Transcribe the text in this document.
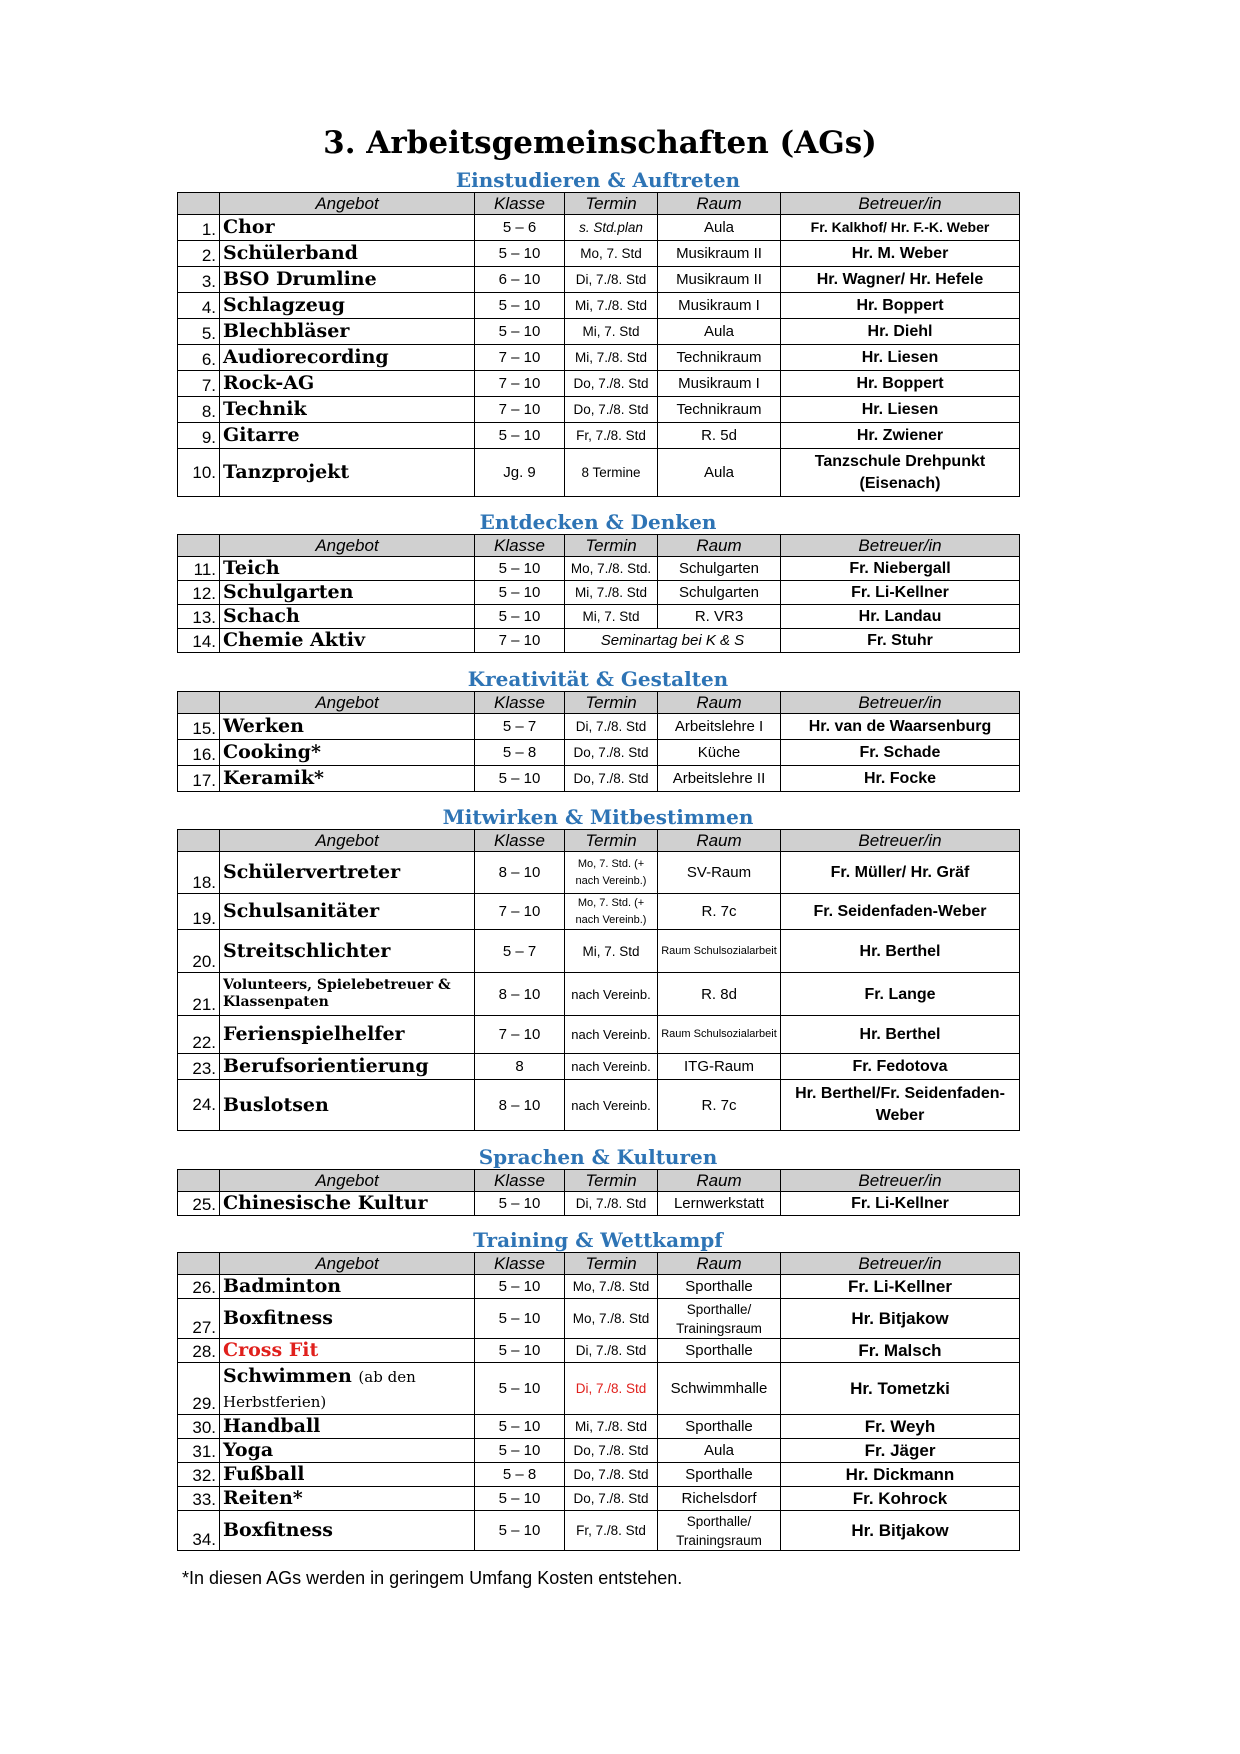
3. Arbeitsgemeinschaften (AGs)
Einstudieren & Auftreten
	Angebot	Klasse	Termin	Raum	Betreuer/in
1.	Chor	5 – 6	s. Std.plan	Aula	Fr. Kalkhof/ Hr. F.-K. Weber
2.	Schülerband	5 – 10	Mo, 7. Std	Musikraum II	Hr. M. Weber
3.	BSO Drumline	6 – 10	Di, 7./8. Std	Musikraum II	Hr. Wagner/ Hr. Hefele
4.	Schlagzeug	5 – 10	Mi, 7./8. Std	Musikraum I	Hr. Boppert
5.	Blechbläser	5 – 10	Mi, 7. Std	Aula	Hr. Diehl
6.	Audiorecording	7 – 10	Mi, 7./8. Std	Technikraum	Hr. Liesen
7.	Rock-AG	7 – 10	Do, 7./8. Std	Musikraum I	Hr. Boppert
8.	Technik	7 – 10	Do, 7./8. Std	Technikraum	Hr. Liesen
9.	Gitarre	5 – 10	Fr, 7./8. Std	R. 5d	Hr. Zwiener
10.	Tanzprojekt	Jg. 9	8 Termine	Aula	Tanzschule Drehpunkt (Eisenach)
Entdecken & Denken
	Angebot	Klasse	Termin	Raum	Betreuer/in
11.	Teich	5 – 10	Mo, 7./8. Std.	Schulgarten	Fr. Niebergall
12.	Schulgarten	5 – 10	Mi, 7./8. Std	Schulgarten	Fr. Li-Kellner
13.	Schach	5 – 10	Mi, 7. Std	R. VR3	Hr. Landau
14.	Chemie Aktiv	7 – 10	Seminartag bei K & S		Fr. Stuhr
Kreativität & Gestalten
	Angebot	Klasse	Termin	Raum	Betreuer/in
15.	Werken	5 – 7	Di, 7./8. Std	Arbeitslehre I	Hr. van de Waarsenburg
16.	Cooking*	5 – 8	Do, 7./8. Std	Küche	Fr. Schade
17.	Keramik*	5 – 10	Do, 7./8. Std	Arbeitslehre II	Hr. Focke
Mitwirken & Mitbestimmen
	Angebot	Klasse	Termin	Raum	Betreuer/in
18.	Schülervertreter	8 – 10	Mo, 7. Std. (+ nach Vereinb.)	SV-Raum	Fr. Müller/ Hr. Gräf
19.	Schulsanitäter	7 – 10	Mo, 7. Std. (+ nach Vereinb.)	R. 7c	Fr. Seidenfaden-Weber
20.	Streitschlichter	5 – 7	Mi, 7. Std	Raum Schulsozialarbeit	Hr. Berthel
21.	Volunteers, Spielebetreuer & Klassenpaten	8 – 10	nach Vereinb.	R. 8d	Fr. Lange
22.	Ferienspielhelfer	7 – 10	nach Vereinb.	Raum Schulsozialarbeit	Hr. Berthel
23.	Berufsorientierung	8	nach Vereinb.	ITG-Raum	Fr. Fedotova
24.	Buslotsen	8 – 10	nach Vereinb.	R. 7c	Hr. Berthel/Fr. Seidenfaden-Weber
Sprachen & Kulturen
	Angebot	Klasse	Termin	Raum	Betreuer/in
25.	Chinesische Kultur	5 – 10	Di, 7./8. Std	Lernwerkstatt	Fr. Li-Kellner
Training & Wettkampf
	Angebot	Klasse	Termin	Raum	Betreuer/in
26.	Badminton	5 – 10	Mo, 7./8. Std	Sporthalle	Fr. Li-Kellner
27.	Boxfitness	5 – 10	Mo, 7./8. Std	Sporthalle/ Trainingsraum	Hr. Bitjakow
28.	Cross Fit	5 – 10	Di, 7./8. Std	Sporthalle	Fr. Malsch
29.	Schwimmen (ab den Herbstferien)	5 – 10	Di, 7./8. Std	Schwimmhalle	Hr. Tometzki
30.	Handball	5 – 10	Mi, 7./8. Std	Sporthalle	Fr. Weyh
31.	Yoga	5 – 10	Do, 7./8. Std	Aula	Fr. Jäger
32.	Fußball	5 – 8	Do, 7./8. Std	Sporthalle	Hr. Dickmann
33.	Reiten*	5 – 10	Do, 7./8. Std	Richelsdorf	Fr. Kohrock
34.	Boxfitness	5 – 10	Fr, 7./8. Std	Sporthalle/ Trainingsraum	Hr. Bitjakow
*In diesen AGs werden in geringem Umfang Kosten entstehen.
